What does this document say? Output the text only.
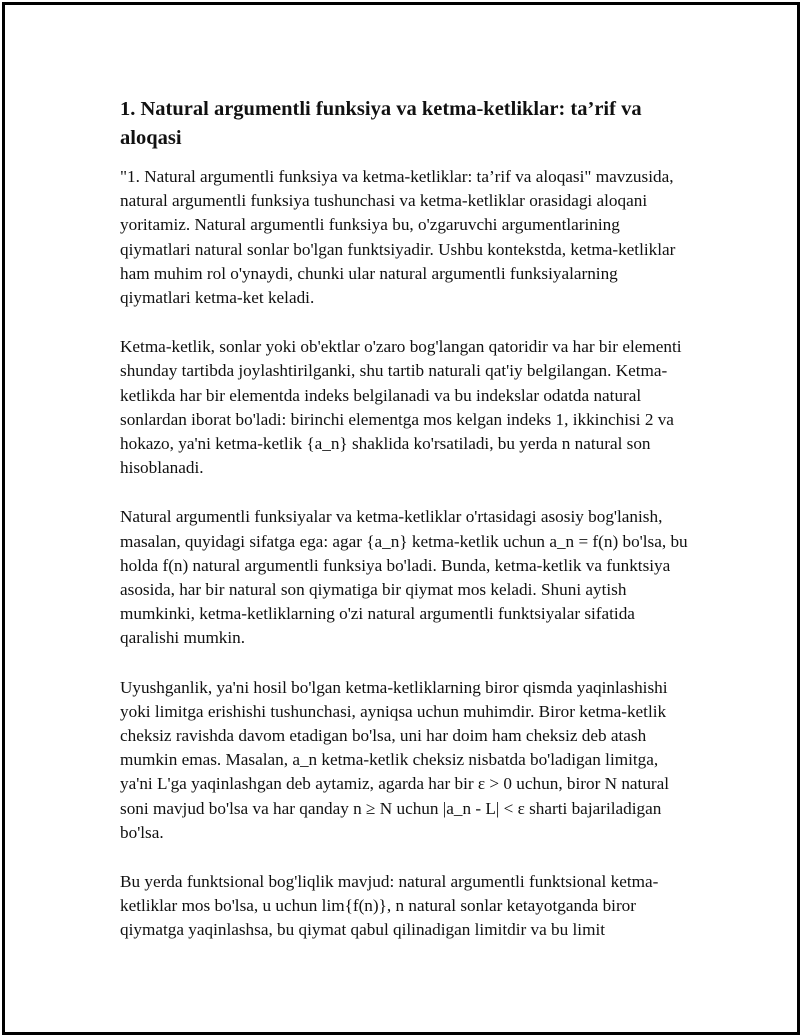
1. Natural argumentli funksiya va ketma-ketliklar: ta’rif va aloqasi

"1. Natural argumentli funksiya va ketma-ketliklar: ta’rif va aloqasi" mavzusida, natural argumentli funksiya tushunchasi va ketma-ketliklar orasidagi aloqani yoritamiz. Natural argumentli funksiya bu, o'zgaruvchi argumentlarining qiymatlari natural sonlar bo'lgan funktsiyadir. Ushbu kontekstda, ketma-ketliklar ham muhim rol o'ynaydi, chunki ular natural argumentli funksiyalarning qiymatlari ketma-ket keladi.

Ketma-ketlik, sonlar yoki ob'ektlar o'zaro bog'langan qatoridir va har bir elementi shunday tartibda joylashtirilganki, shu tartib naturali qat'iy belgilangan. Ketma-ketlikda har bir elementda indeks belgilanadi va bu indekslar odatda natural sonlardan iborat bo'ladi: birinchi elementga mos kelgan indeks 1, ikkinchisi 2 va hokazo, ya'ni ketma-ketlik {a_n} shaklida ko'rsatiladi, bu yerda n natural son hisoblanadi.

Natural argumentli funksiyalar va ketma-ketliklar o'rtasidagi asosiy bog'lanish, masalan, quyidagi sifatga ega: agar {a_n} ketma-ketlik uchun a_n = f(n) bo'lsa, bu holda f(n) natural argumentli funksiya bo'ladi. Bunda, ketma-ketlik va funktsiya asosida, har bir natural son qiymatiga bir qiymat mos keladi. Shuni aytish mumkinki, ketma-ketliklarning o'zi natural argumentli funktsiyalar sifatida qaralishi mumkin.

Uyushganlik, ya'ni hosil bo'lgan ketma-ketliklarning biror qismda yaqinlashishi yoki limitga erishishi tushunchasi, ayniqsa uchun muhimdir. Biror ketma-ketlik cheksiz ravishda davom etadigan bo'lsa, uni har doim ham cheksiz deb atash mumkin emas. Masalan, a_n ketma-ketlik cheksiz nisbatda bo'ladigan limitga, ya'ni L'ga yaqinlashgan deb aytamiz, agarda har bir ε > 0 uchun, biror N natural soni mavjud bo'lsa va har qanday n ≥ N uchun |a_n - L| < ε sharti bajariladigan bo'lsa.

Bu yerda funktsional bog'liqlik mavjud: natural argumentli funktsional ketma-ketliklar mos bo'lsa, u uchun lim{f(n)}, n natural sonlar ketayotganda biror qiymatga yaqinlashsa, bu qiymat qabul qilinadigan limitdir va bu limit
